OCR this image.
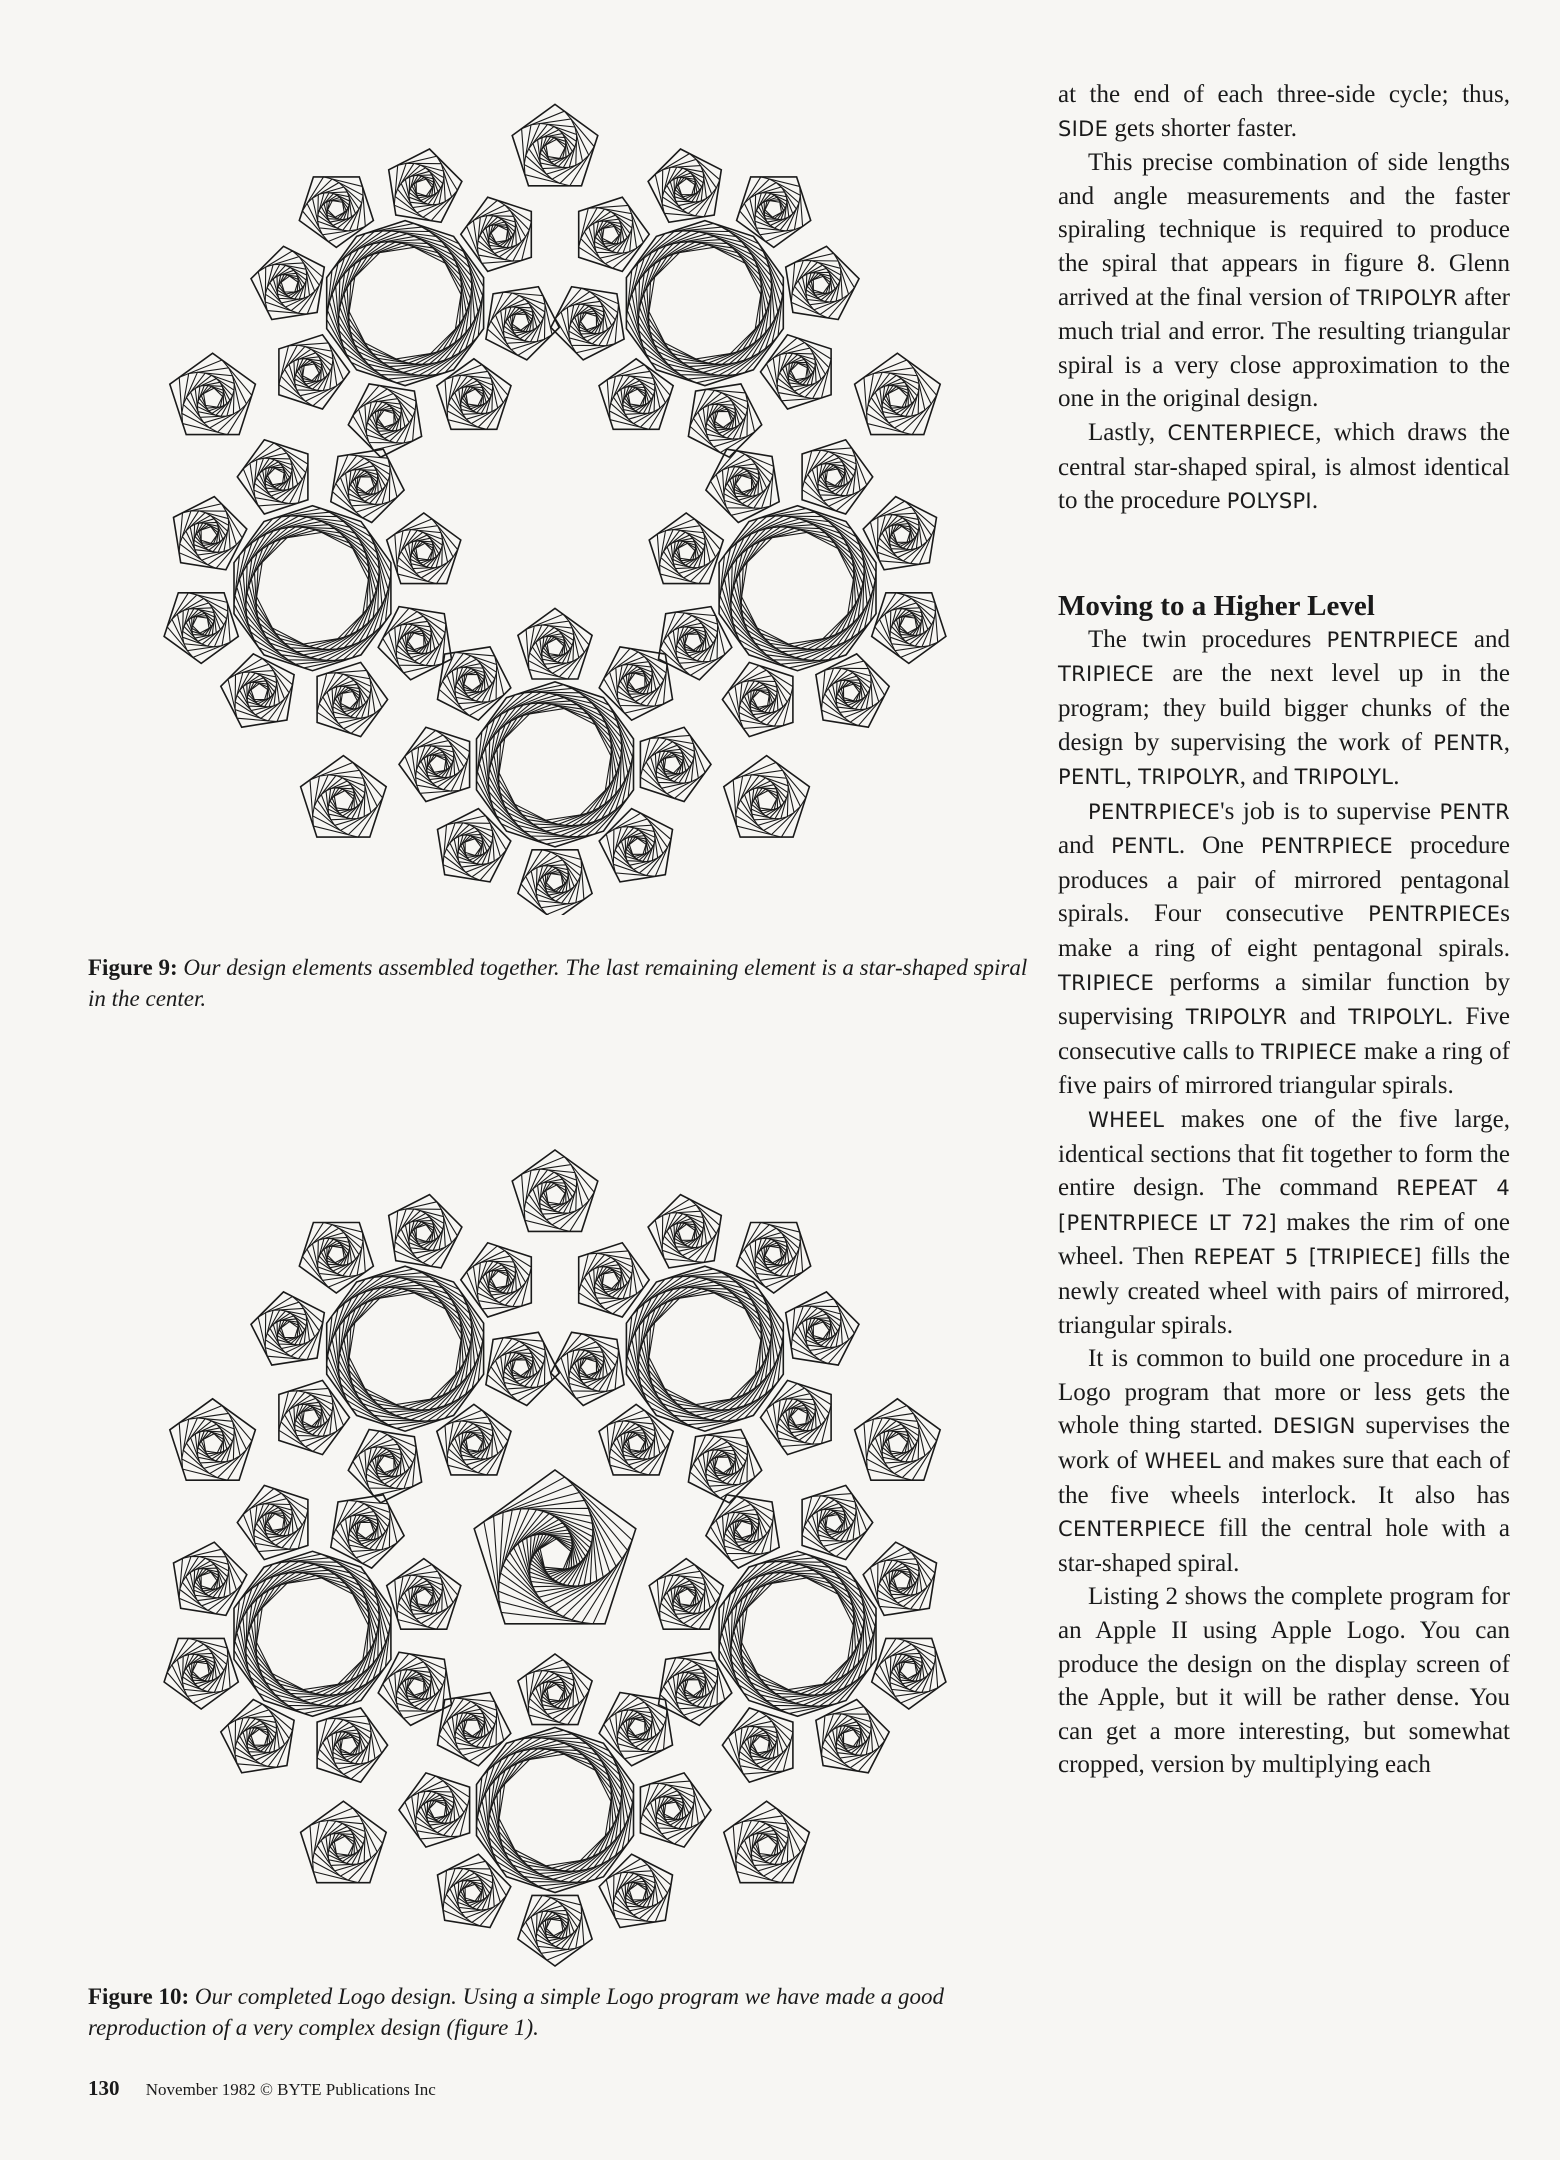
Figure 9: Our design elements assembled together. The last remaining element is a star-shaped spiral in the center.
Figure 10: Our completed Logo design. Using a simple Logo program we have made a good reproduction of a very complex design (figure 1).
130 November 1982 © BYTE Publications Inc

at the end of each three-side cycle; thus, SIDE gets shorter faster.

This precise combination of side lengths and angle measurements and the faster spiraling technique is required to produce the spiral that appears in figure 8. Glenn arrived at the final version of TRIPOLYR after much trial and error. The resulting triangular spiral is a very close approximation to the one in the original design.

Lastly, CENTERPIECE, which draws the central star-shaped spiral, is almost identical to the procedure POLYSPI.

Moving to a Higher Level

The twin procedures PENTRPIECE and TRIPIECE are the next level up in the program; they build bigger chunks of the design by supervising the work of PENTR, PENTL, TRIPOLYR, and TRIPOLYL.

PENTRPIECE's job is to supervise PENTR and PENTL. One PENTRPIECE procedure produces a pair of mirrored pentagonal spirals. Four consecutive PENTRPIECEs make a ring of eight pentagonal spirals. TRIPIECE performs a similar function by supervising TRIPOLYR and TRIPOLYL. Five consecutive calls to TRIPIECE make a ring of five pairs of mirrored triangular spirals.

WHEEL makes one of the five large, identical sections that fit together to form the entire design. The command REPEAT 4 [PENTRPIECE LT 72] makes the rim of one wheel. Then REPEAT 5 [TRIPIECE] fills the newly created wheel with pairs of mirrored, triangular spirals.

It is common to build one procedure in a Logo program that more or less gets the whole thing started. DESIGN supervises the work of WHEEL and makes sure that each of the five wheels interlock. It also has CENTERPIECE fill the central hole with a star-shaped spiral.

Listing 2 shows the complete program for an Apple II using Apple Logo. You can produce the design on the display screen of the Apple, but it will be rather dense. You can get a more interesting, but somewhat cropped, version by multiplying each
